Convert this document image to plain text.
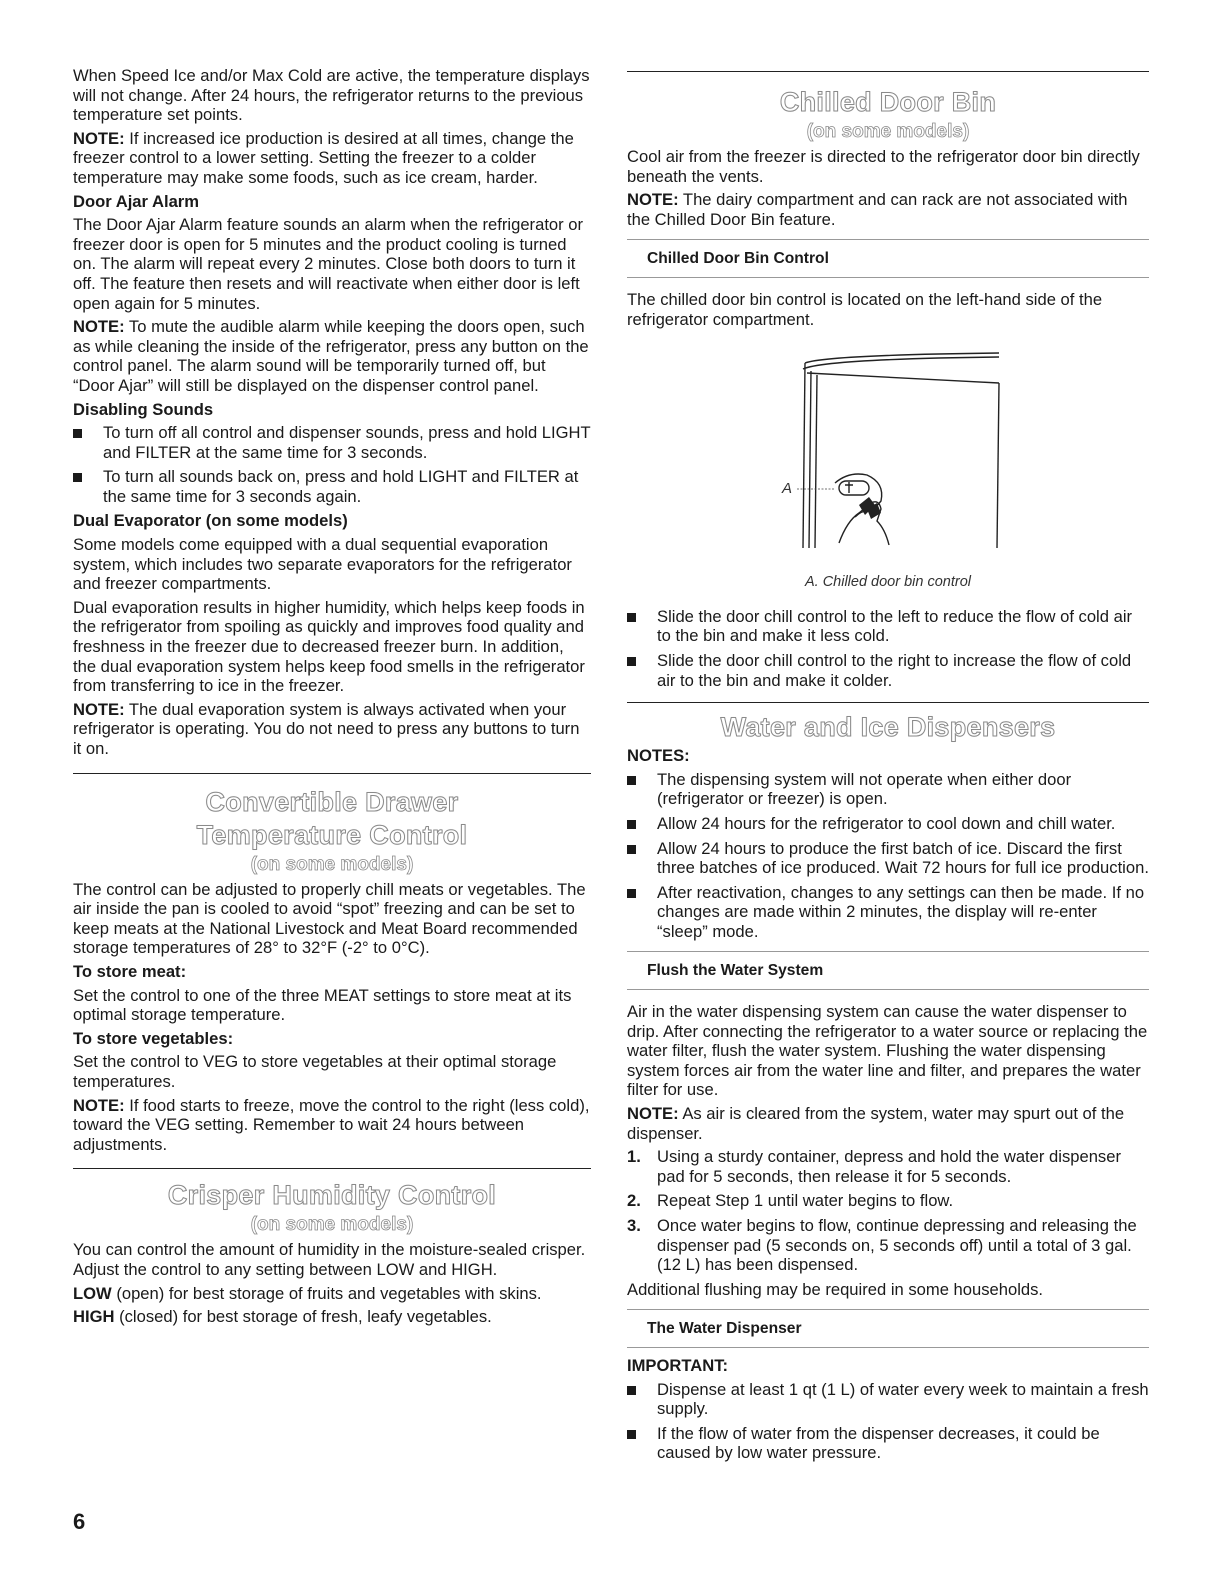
When Speed Ice and/or Max Cold are active, the temperature displays will not change. After 24 hours, the refrigerator returns to the previous temperature set points.

NOTE: If increased ice production is desired at all times, change the freezer control to a lower setting. Setting the freezer to a colder temperature may make some foods, such as ice cream, harder.

Door Ajar Alarm

The Door Ajar Alarm feature sounds an alarm when the refrigerator or freezer door is open for 5 minutes and the product cooling is turned on. The alarm will repeat every 2 minutes. Close both doors to turn it off. The feature then resets and will reactivate when either door is left open again for 5 minutes.

NOTE: To mute the audible alarm while keeping the doors open, such as while cleaning the inside of the refrigerator, press any button on the control panel. The alarm sound will be temporarily turned off, but “Door Ajar” will still be displayed on the dispenser control panel.

Disabling Sounds
To turn off all control and dispenser sounds, press and hold LIGHT and FILTER at the same time for 3 seconds.
To turn all sounds back on, press and hold LIGHT and FILTER at the same time for 3 seconds again.
Dual Evaporator (on some models)

Some models come equipped with a dual sequential evaporation system, which includes two separate evaporators for the refrigerator and freezer compartments.

Dual evaporation results in higher humidity, which helps keep foods in the refrigerator from spoiling as quickly and improves food quality and freshness in the freezer due to decreased freezer burn. In addition, the dual evaporation system helps keep food smells in the refrigerator from transferring to ice in the freezer.

NOTE: The dual evaporation system is always activated when your refrigerator is operating. You do not need to press any buttons to turn it on.

Convertible Drawer
Temperature Control
(on some models)

The control can be adjusted to properly chill meats or vegetables. The air inside the pan is cooled to avoid “spot” freezing and can be set to keep meats at the National Livestock and Meat Board recommended storage temperatures of 28° to 32°F (-2° to 0°C).

To store meat:

Set the control to one of the three MEAT settings to store meat at its optimal storage temperature.

To store vegetables:

Set the control to VEG to store vegetables at their optimal storage temperatures.

NOTE: If food starts to freeze, move the control to the right (less cold), toward the VEG setting. Remember to wait 24 hours between adjustments.

Crisper Humidity Control
(on some models)

You can control the amount of humidity in the moisture-sealed crisper. Adjust the control to any setting between LOW and HIGH.

LOW (open) for best storage of fruits and vegetables with skins.

HIGH (closed) for best storage of fresh, leafy vegetables.

Chilled Door Bin
(on some models)

Cool air from the freezer is directed to the refrigerator door bin directly beneath the vents.

NOTE: The dairy compartment and can rack are not associated with the Chilled Door Bin feature.

Chilled Door Bin Control

The chilled door bin control is located on the left-hand side of the refrigerator compartment.

A

A. Chilled door bin control

Slide the door chill control to the left to reduce the flow of cold air to the bin and make it less cold.
Slide the door chill control to the right to increase the flow of cold air to the bin and make it colder.
Water and Ice Dispensers
NOTES:
The dispensing system will not operate when either door (refrigerator or freezer) is open.
Allow 24 hours for the refrigerator to cool down and chill water.
Allow 24 hours to produce the first batch of ice. Discard the first three batches of ice produced. Wait 72 hours for full ice production.
After reactivation, changes to any settings can then be made. If no changes are made within 2 minutes, the display will re-enter “sleep” mode.
Flush the Water System

Air in the water dispensing system can cause the water dispenser to drip. After connecting the refrigerator to a water source or replacing the water filter, flush the water system. Flushing the water dispensing system forces air from the water line and filter, and prepares the water filter for use.

NOTE: As air is cleared from the system, water may spurt out of the dispenser.

1. Using a sturdy container, depress and hold the water dispenser pad for 5 seconds, then release it for 5 seconds.
2. Repeat Step 1 until water begins to flow.
3. Once water begins to flow, continue depressing and releasing the dispenser pad (5 seconds on, 5 seconds off) until a total of 3 gal. (12 L) has been dispensed.

Additional flushing may be required in some households.

The Water Dispenser
IMPORTANT:
Dispense at least 1 qt (1 L) of water every week to maintain a fresh supply.
If the flow of water from the dispenser decreases, it could be caused by low water pressure.
6
